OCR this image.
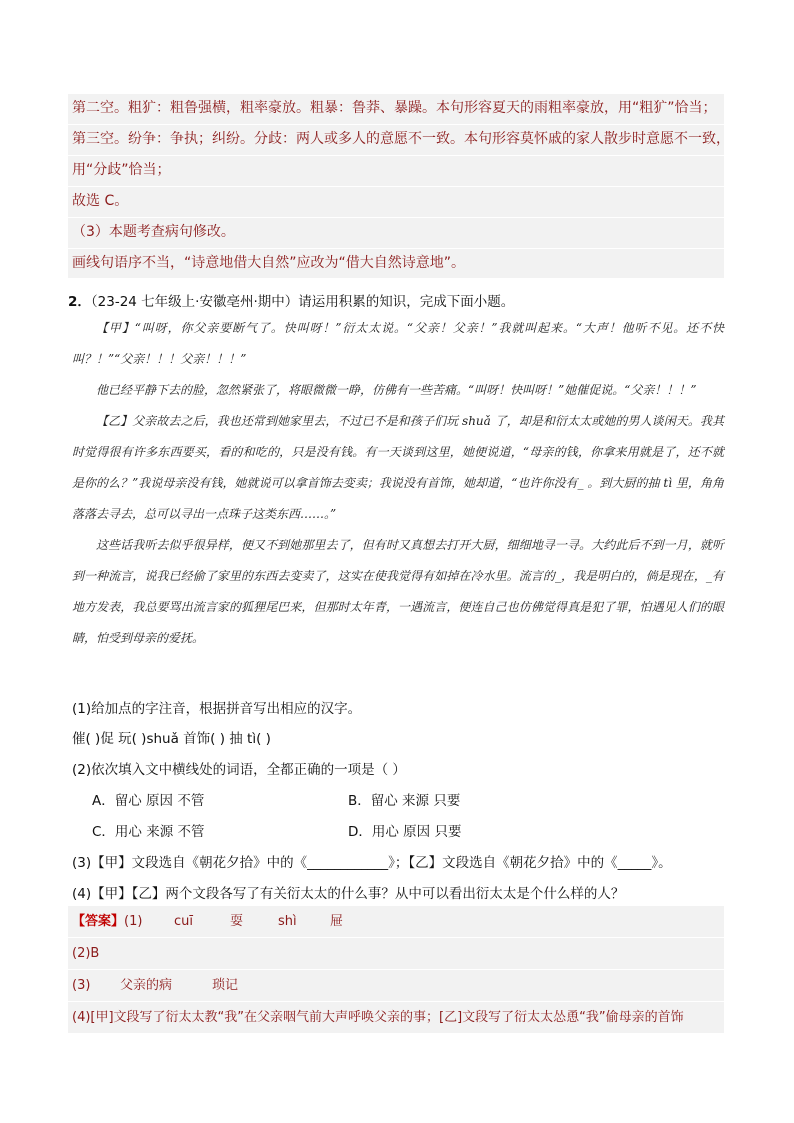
第二空。粗犷：粗鲁强横，粗率豪放。粗暴：鲁莽、暴躁。本句形容夏天的雨粗率豪放，用“粗犷”恰当；
第三空。纷争：争执；纠纷。分歧：两人或多人的意愿不一致。本句形容莫怀戚的家人散步时意愿不一致，
用“分歧”恰当；
故选 C。
（3）本题考查病句修改。
画线句语序不当，“诗意地借大自然”应改为“借大自然诗意地”。
2．（23-24 七年级上·安徽亳州·期中）请运用积累的知识，完成下面小题。

【甲】“叫呀，你父亲要断气了。快叫呀！”衍太太说。“父亲！父亲！”我就叫起来。“大声！他听不见。还不快叫？！”“父亲！！！父亲！！！”

他已经平静下去的脸，忽然紧张了，将眼微微一睁，仿佛有一些苦痛。“叫呀！快叫呀！”她催促说。“父亲！！！”

【乙】父亲故去之后，我也还常到她家里去，不过已不是和孩子们玩 shuǎ 了，却是和衍太太或她的男人谈闲天。我其时觉得很有许多东西要买，看的和吃的，只是没有钱。有一天谈到这里，她便说道，“母亲的钱，你拿来用就是了，还不就是你的么？”我说母亲没有钱，她就说可以拿首饰去变卖；我说没有首饰，她却道，“也许你没有_ 。到大厨的抽 tì 里，角角落落去寻去，总可以寻出一点珠子这类东西……。”

这些话我听去似乎很异样，便又不到她那里去了，但有时又真想去打开大厨，细细地寻一寻。大约此后不到一月，就听到一种流言，说我已经偷了家里的东西去变卖了，这实在使我觉得有如掉在冷水里。流言的_，我是明白的，倘是现在，_有地方发表，我总要骂出流言家的狐狸尾巴来，但那时太年青，一遇流言，便连自己也仿佛觉得真是犯了罪，怕遇见人们的眼睛，怕受到母亲的爱抚。

(1)给加点的字注音，根据拼音写出相应的汉字。
催( )促 玩( )shuǎ 首饰( ) 抽 tì( )
(2)依次填入文中横线处的词语，全都正确的一项是（ ）
A．留心 原因 不管	B．留心 来源 只要
C．用心 来源 不管	D．用心 原因 只要
(3)【甲】文段选自《朝花夕拾》中的《____________》；【乙】文段选自《朝花夕拾》中的《_____》。
(4)【甲】【乙】两个文段各写了有关衍太太的什么事？从中可以看出衍太太是个什么样的人？
【答案】(1) cuī	耍	shì	屉
(2)B
(3) 父亲的病	琐记
(4)[甲]文段写了衍太太教“我”在父亲咽气前大声呼唤父亲的事；[乙]文段写了衍太太怂恿“我”偷母亲的首饰
